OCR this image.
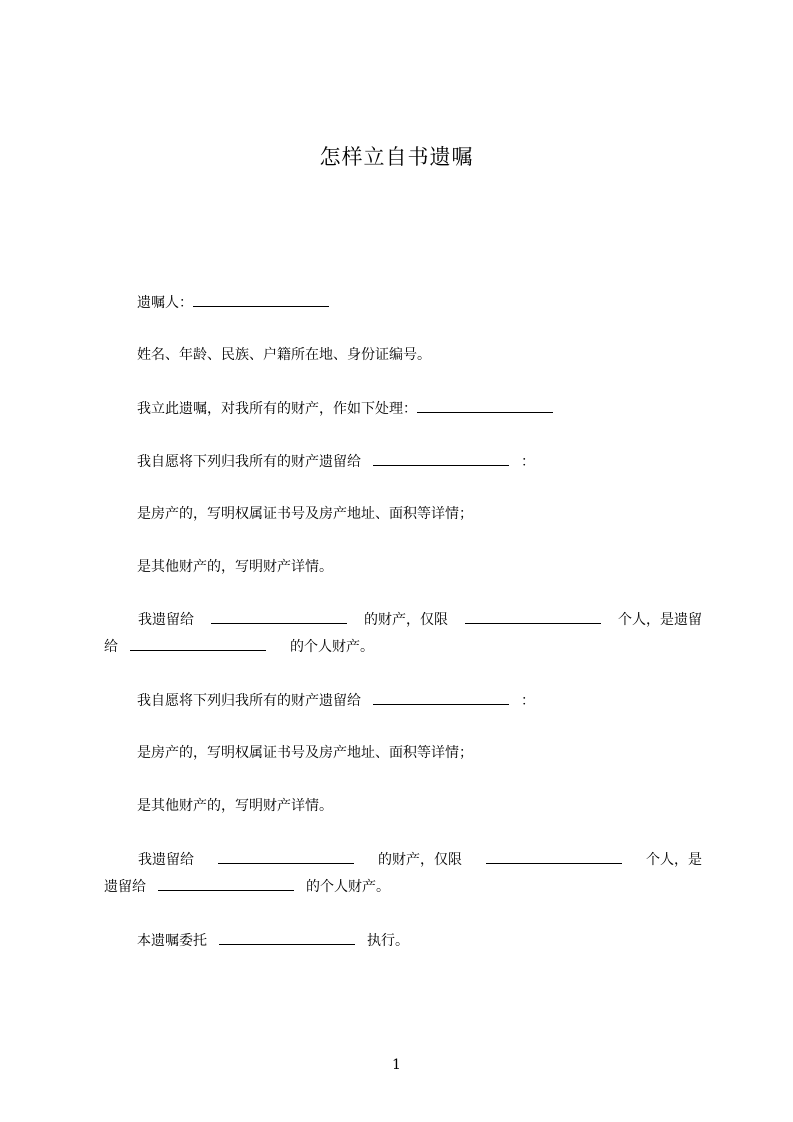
怎样立自书遗嘱
遗嘱人：
姓名、年龄、民族、户籍所在地、身份证编号。
我立此遗嘱，对我所有的财产，作如下处理：
我自愿将下列归我所有的财产遗留给	：
是房产的，写明权属证书号及房产地址、面积等详情；
是其他财产的，写明财产详情。
我遗留给	的财产，仅限	个人，是遗留
给	的个人财产。
我自愿将下列归我所有的财产遗留给	：
是房产的，写明权属证书号及房产地址、面积等详情；
是其他财产的，写明财产详情。
我遗留给	的财产，仅限	个人，是
遗留给	的个人财产。
本遗嘱委托	执行。
1
